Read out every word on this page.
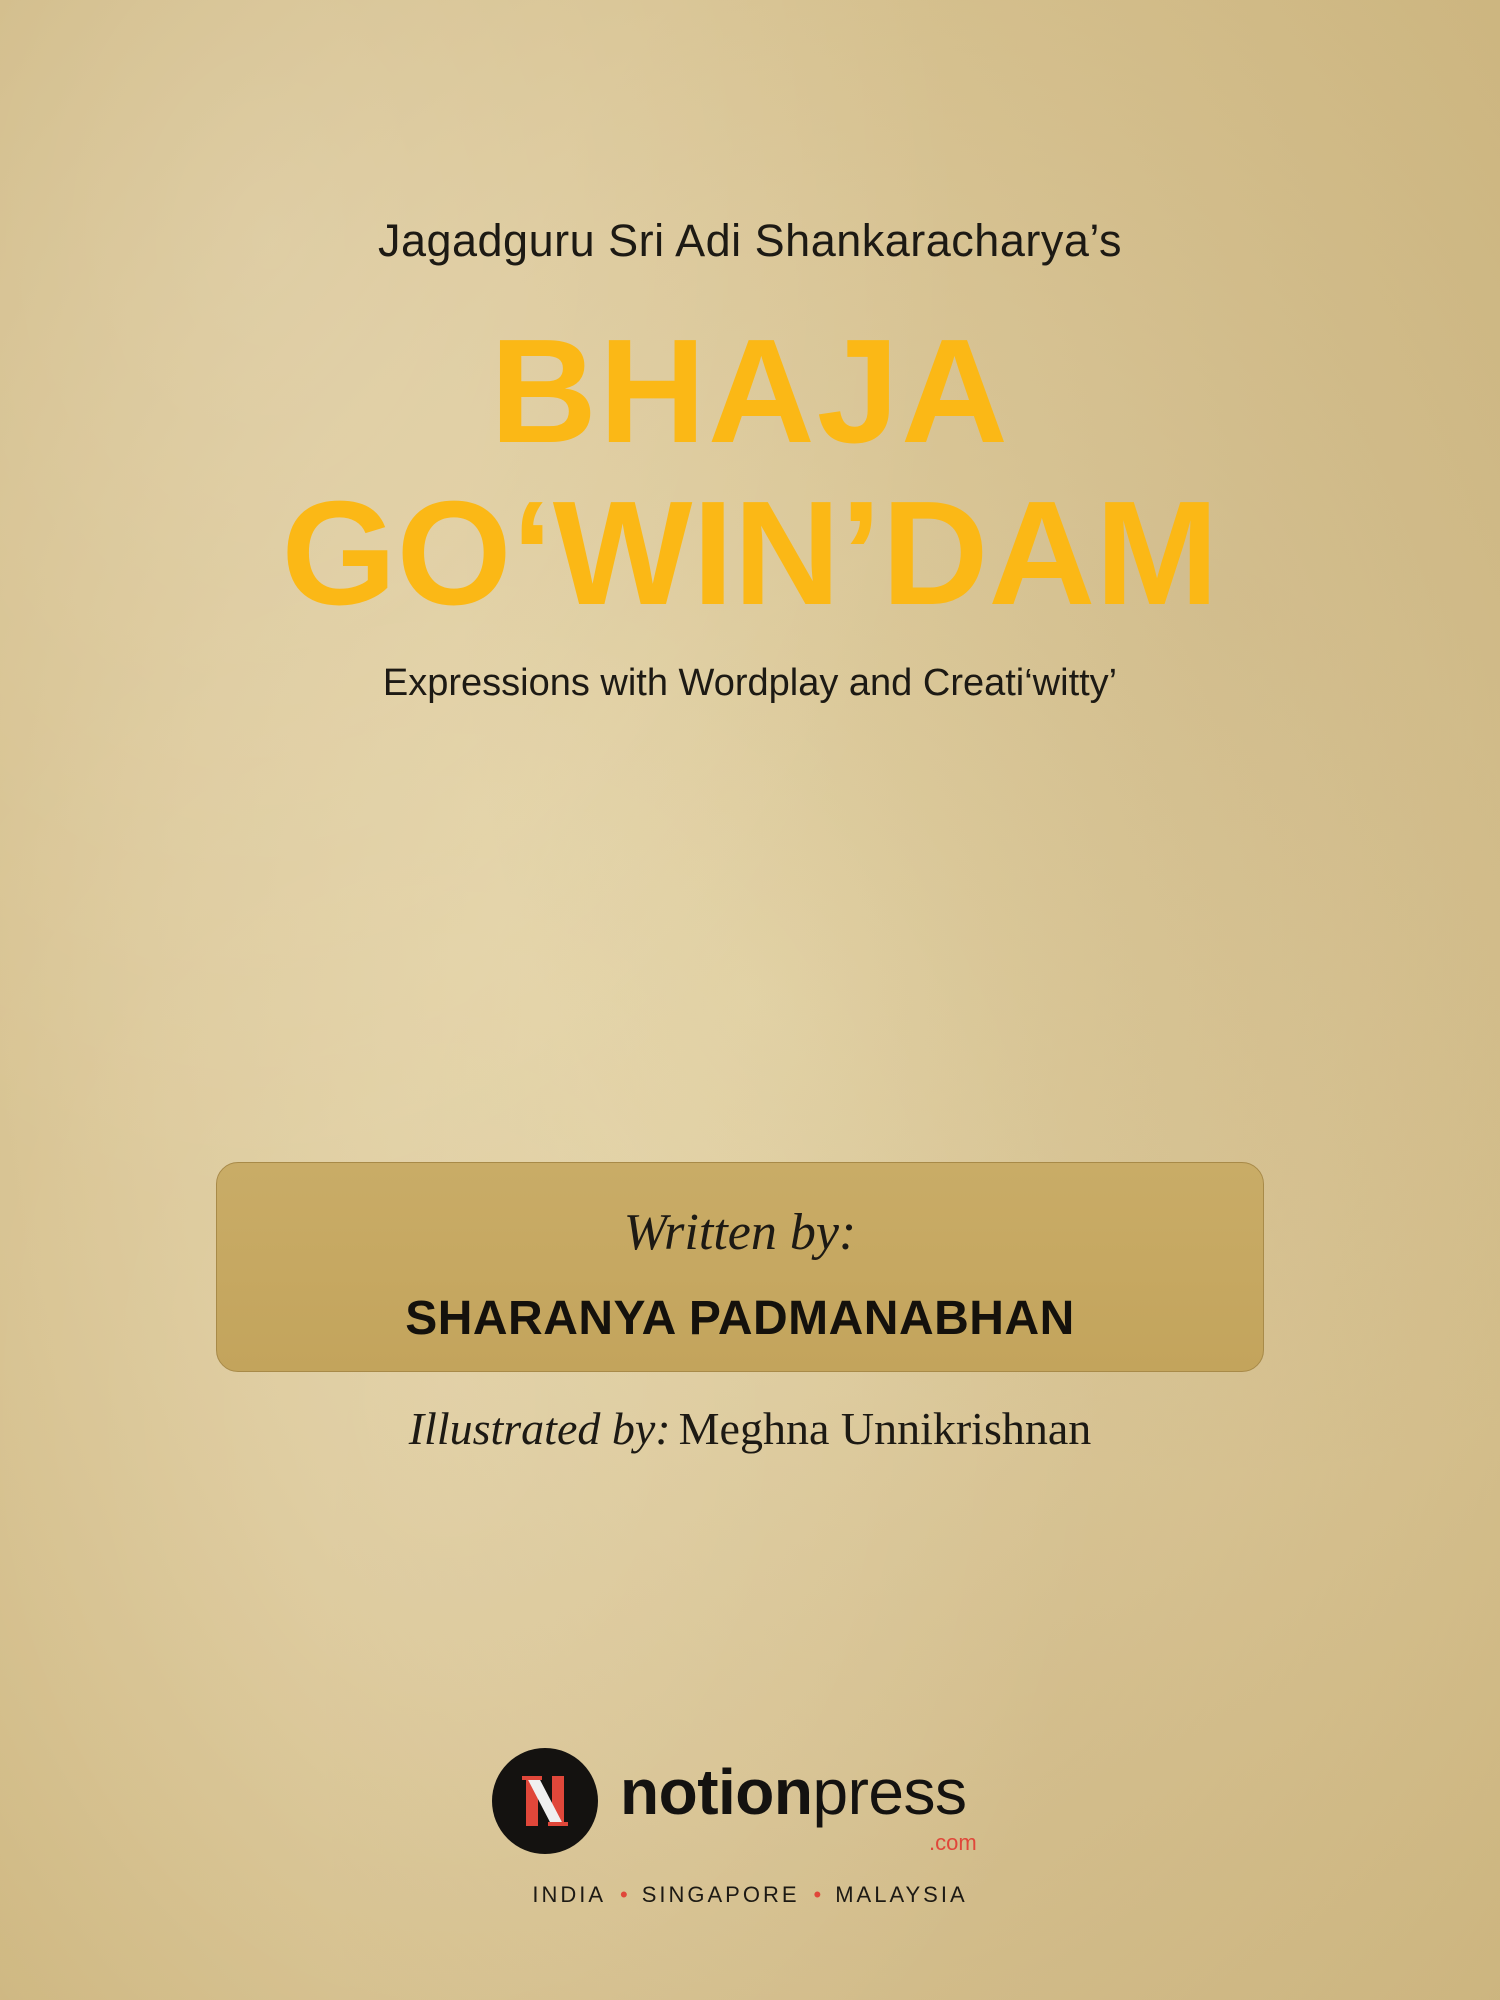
Jagadguru Sri Adi Shankaracharya’s
BHAJA
GO‘WIN’DAM
Expressions with Wordplay and Creati‘witty’
Written by:
SHARANYA PADMANABHAN
Illustrated by: Meghna Unnikrishnan
notionpress
.com
INDIA • SINGAPORE • MALAYSIA
